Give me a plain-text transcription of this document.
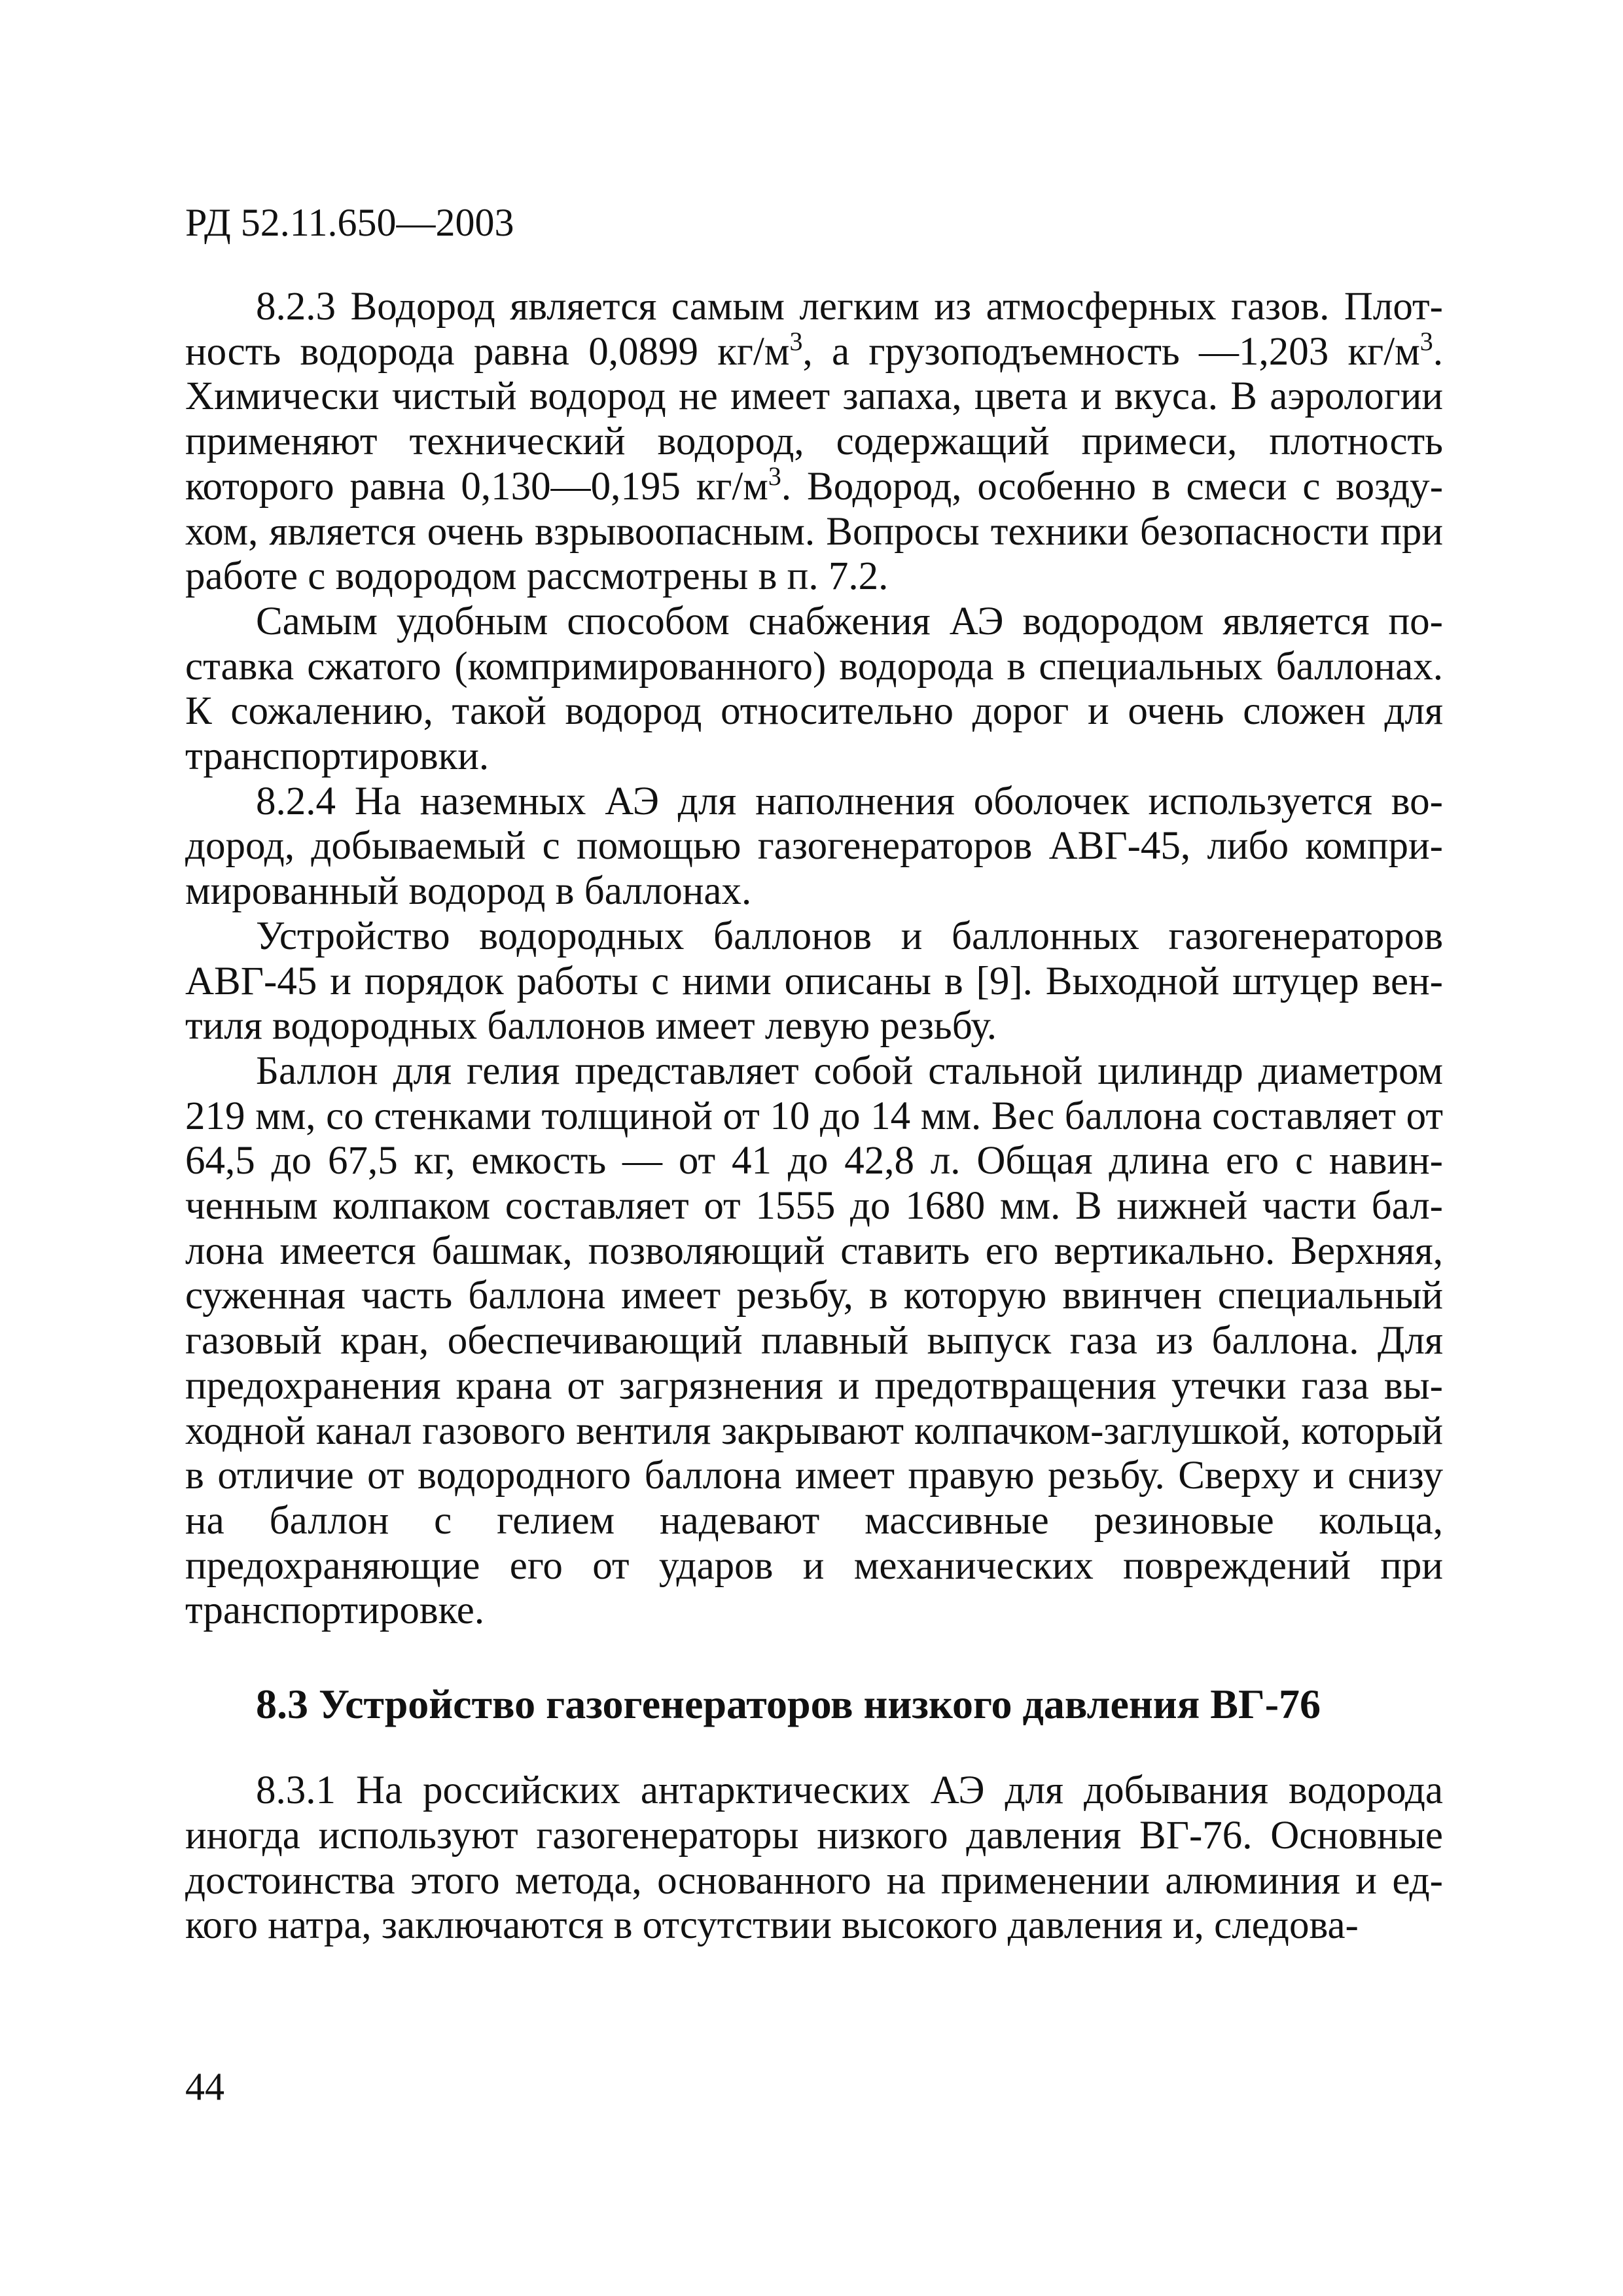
РД 52.11.650—2003

8.2.3 Водород является самым легким из атмосферных газов. Плотность водорода равна 0,0899 $кг/м^3$, а грузоподъемность —1,203 $кг/м^3$. Химически чистый водород не имеет запаха, цвета и вкуса. В аэрологии применяют технический водород, содержащий примеси, плотность которого равна 0,130—0,195 $кг/м^3$. Водород, особенно в смеси с воздухом, является очень взрывоопасным. Вопросы техники безопасности при работе с водородом рассмотрены в п. 7.2.

Самым удобным способом снабжения АЭ водородом является поставка сжатого (компримированного) водорода в специальных баллонах. К сожалению, такой водород относительно дорог и очень сложен для транспортировки.

8.2.4 На наземных АЭ для наполнения оболочек используется водород, добываемый с помощью газогенераторов АВГ-45, либо компримированный водород в баллонах.

Устройство водородных баллонов и баллонных газогенераторов АВГ-45 и порядок работы с ними описаны в [9]. Выходной штуцер вентиля водородных баллонов имеет левую резьбу.

Баллон для гелия представляет собой стальной цилиндр диаметром 219 мм, со стенками толщиной от 10 до 14 мм. Вес баллона составляет от 64,5 до 67,5 кг, емкость — от 41 до 42,8 л. Общая длина его с навинченным колпаком составляет от 1555 до 1680 мм. В нижней части баллона имеется башмак, позволяющий ставить его вертикально. Верхняя, суженная часть баллона имеет резьбу, в которую ввинчен специальный газовый кран, обеспечивающий плавный выпуск газа из баллона. Для предохранения крана от загрязнения и предотвращения утечки газа выходной канал газового вентиля закрывают колпачком-заглушкой, который в отличие от водородного баллона имеет правую резьбу. Сверху и снизу на баллон с гелием надевают массивные резиновые кольца, предохраняющие его от ударов и механических повреждений при транспортировке.

8.3 Устройство газогенераторов низкого давления ВГ-76

8.3.1 На российских антарктических АЭ для добывания водорода иногда используют газогенераторы низкого давления ВГ-76. Основные достоинства этого метода, основанного на применении алюминия и едкого натра, заключаются в отсутствии высокого давления и, следова-

44
